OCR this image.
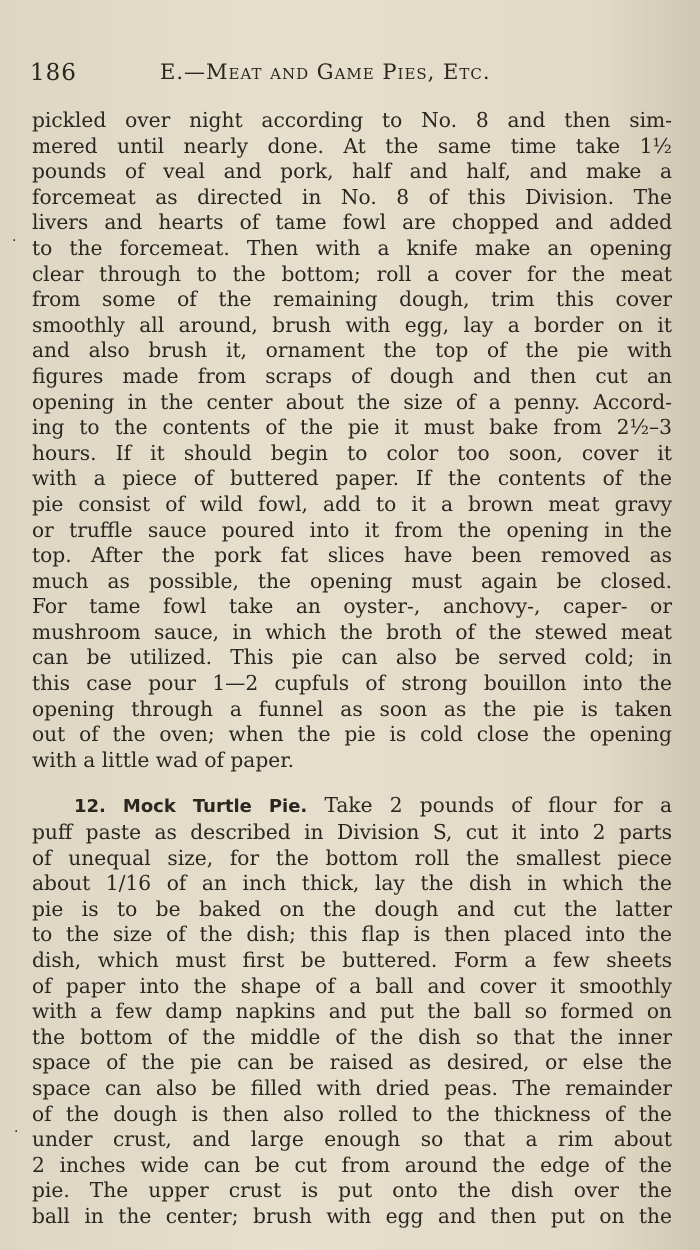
186	E.—Meat and Game Pies, Etc.
·
·
pickled over night according to No. 8 and then sim-
mered until nearly done. At the same time take 1½
pounds of veal and pork, half and half, and make a
forcemeat as directed in No. 8 of this Division. The
livers and hearts of tame fowl are chopped and added
to the forcemeat. Then with a knife make an opening
clear through to the bottom; roll a cover for the meat
from some of the remaining dough, trim this cover
smoothly all around, brush with egg, lay a border on it
and also brush it, ornament the top of the pie with
figures made from scraps of dough and then cut an
opening in the center about the size of a penny. Accord-
ing to the contents of the pie it must bake from 2½–3
hours. If it should begin to color too soon, cover it
with a piece of buttered paper. If the contents of the
pie consist of wild fowl, add to it a brown meat gravy
or truffle sauce poured into it from the opening in the
top. After the pork fat slices have been removed as
much as possible, the opening must again be closed.
For tame fowl take an oyster-, anchovy-, caper- or
mushroom sauce, in which the broth of the stewed meat
can be utilized. This pie can also be served cold; in
this case pour 1—2 cupfuls of strong bouillon into the
opening through a funnel as soon as the pie is taken
out of the oven; when the pie is cold close the opening
with a little wad of paper.
12. Mock Turtle Pie. Take 2 pounds of flour for a
puff paste as described in Division S, cut it into 2 parts
of unequal size, for the bottom roll the smallest piece
about 1/16 of an inch thick, lay the dish in which the
pie is to be baked on the dough and cut the latter
to the size of the dish; this flap is then placed into the
dish, which must first be buttered. Form a few sheets
of paper into the shape of a ball and cover it smoothly
with a few damp napkins and put the ball so formed on
the bottom of the middle of the dish so that the inner
space of the pie can be raised as desired, or else the
space can also be filled with dried peas. The remainder
of the dough is then also rolled to the thickness of the
under crust, and large enough so that a rim about
2 inches wide can be cut from around the edge of the
pie. The upper crust is put onto the dish over the
ball in the center; brush with egg and then put on the
